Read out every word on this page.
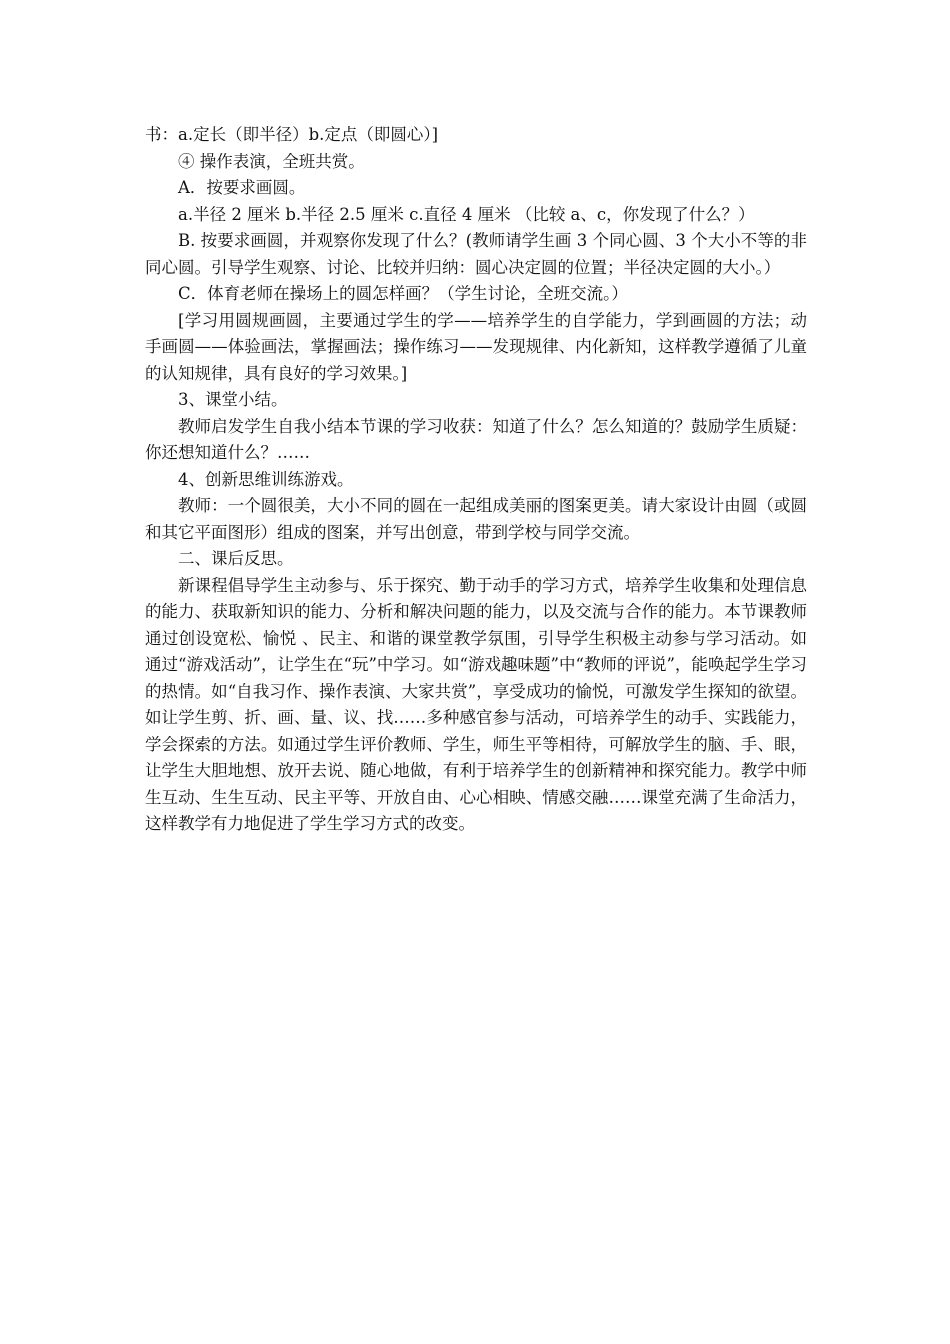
书：a.定长（即半径）b.定点（即圆心）]

④ 操作表演，全班共赏。

A．按要求画圆。

a.半径 2 厘米 b.半径 2.5 厘米 c.直径 4 厘米 （比较 a、c，你发现了什么？）

B. 按要求画圆，并观察你发现了什么？(教师请学生画 3 个同心圆、3 个大小不等的非同心圆。引导学生观察、讨论、比较并归纳：圆心决定圆的位置；半径决定圆的大小。）

C．体育老师在操场上的圆怎样画？（学生讨论，全班交流。）

[学习用圆规画圆，主要通过学生的学——培养学生的自学能力，学到画圆的方法；动手画圆——体验画法，掌握画法；操作练习——发现规律、内化新知，这样教学遵循了儿童的认知规律，具有良好的学习效果。]

3、课堂小结。

教师启发学生自我小结本节课的学习收获：知道了什么？怎么知道的？鼓励学生质疑：你还想知道什么？……

4、创新思维训练游戏。

教师：一个圆很美，大小不同的圆在一起组成美丽的图案更美。请大家设计由圆（或圆和其它平面图形）组成的图案，并写出创意，带到学校与同学交流。

二、课后反思。

新课程倡导学生主动参与、乐于探究、勤于动手的学习方式，培养学生收集和处理信息的能力、获取新知识的能力、分析和解决问题的能力，以及交流与合作的能力。本节课教师通过创设宽松、愉悦 、民主、和谐的课堂教学氛围，引导学生积极主动参与学习活动。如通过“游戏活动”，让学生在“玩”中学习。如“游戏趣味题”中“教师的评说”，能唤起学生学习的热情。如“自我习作、操作表演、大家共赏”，享受成功的愉悦，可激发学生探知的欲望。如让学生剪、折、画、量、议、找……多种感官参与活动，可培养学生的动手、实践能力，学会探索的方法。如通过学生评价教师、学生，师生平等相待，可解放学生的脑、手、眼，让学生大胆地想、放开去说、随心地做，有利于培养学生的创新精神和探究能力。教学中师生互动、生生互动、民主平等、开放自由、心心相映、情感交融……课堂充满了生命活力，这样教学有力地促进了学生学习方式的改变。
